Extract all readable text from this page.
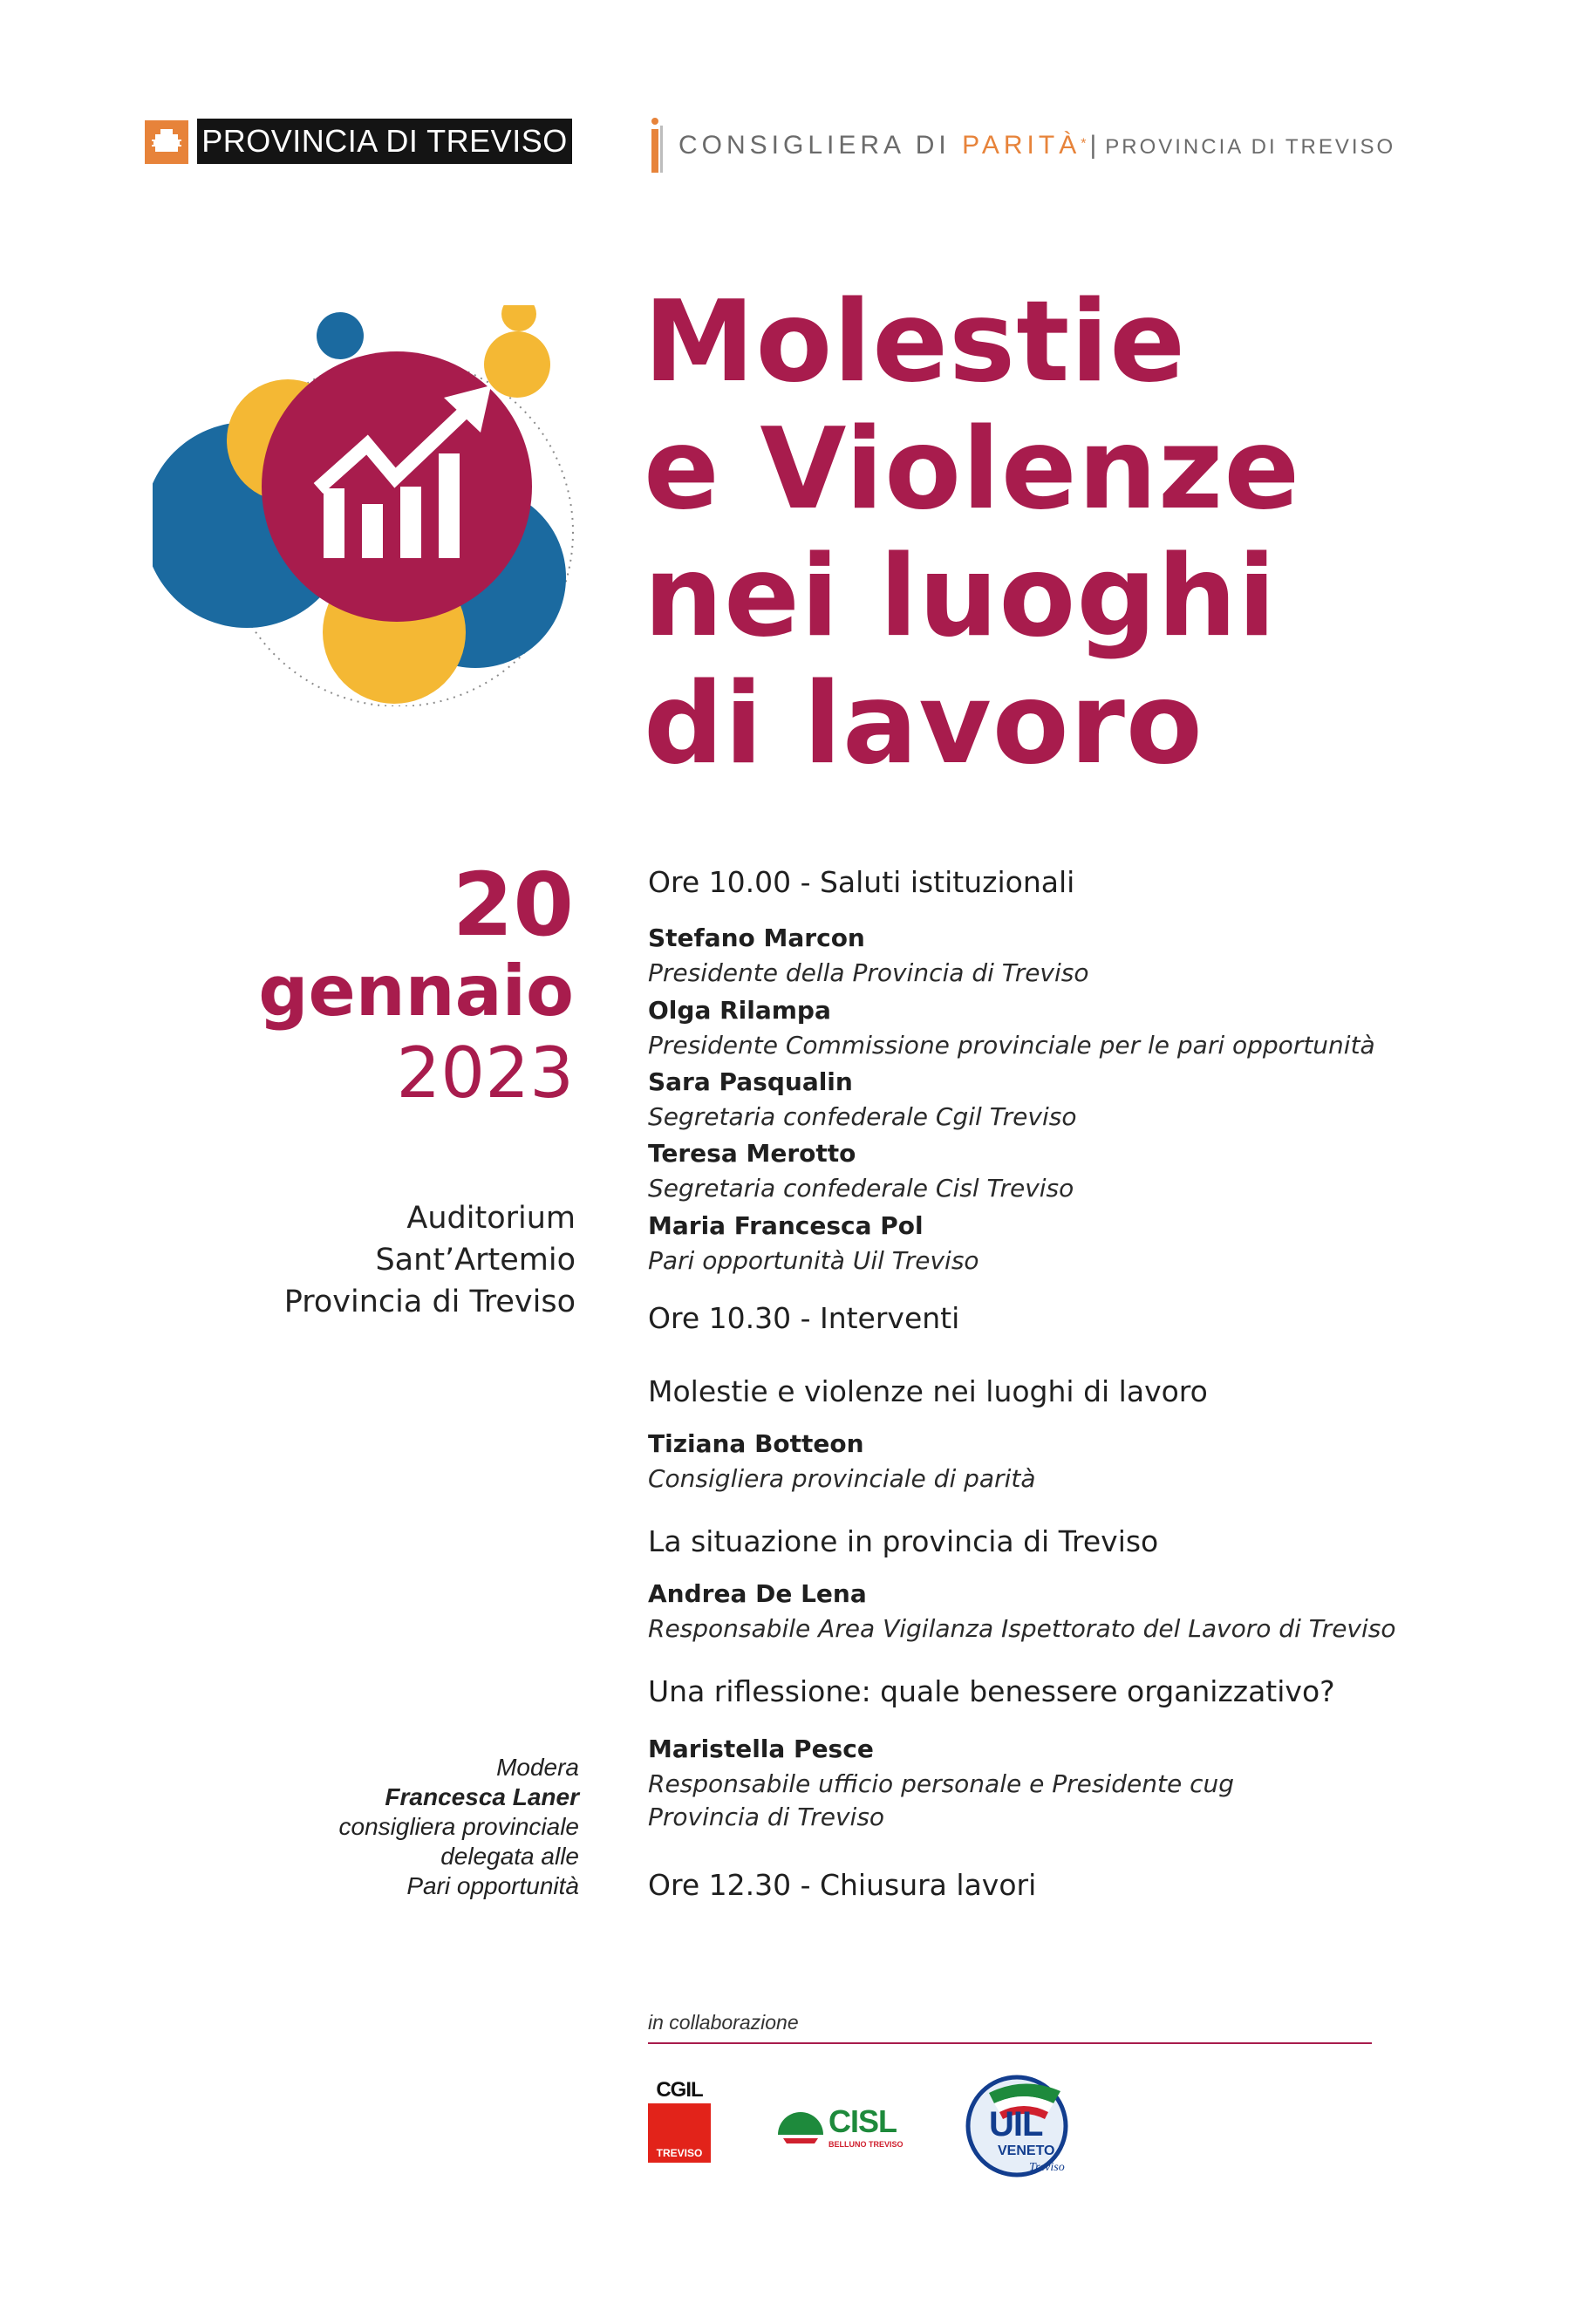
PROVINCIA DI TREVISO	CONSIGLIERA DI PARITÀ* | PROVINCIA DI TREVISO
Molestie
e Violenze
nei luoghi
di lavoro
20
gennaio
2023
Auditorium
Sant’Artemio
Provincia di Treviso
Modera
Francesca Laner
consigliera provinciale
delegata alle
Pari opportunità
Ore 10.00 - Saluti istituzionali
Stefano Marcon
Presidente della Provincia di Treviso
Olga Rilampa
Presidente Commissione provinciale per le pari opportunità
Sara Pasqualin
Segretaria confederale Cgil Treviso
Teresa Merotto
Segretaria confederale Cisl Treviso
Maria Francesca Pol
Pari opportunità Uil Treviso
Ore 10.30 - Interventi
Molestie e violenze nei luoghi di lavoro
Tiziana Botteon
Consigliera provinciale di parità
La situazione in provincia di Treviso
Andrea De Lena
Responsabile Area Vigilanza Ispettorato del Lavoro di Treviso
Una riflessione: quale benessere organizzativo?
Maristella Pesce
Responsabile ufficio personale e Presidente cug
Provincia di Treviso
Ore 12.30 - Chiusura lavori
in collaborazione
CGIL
TREVISO
CISL
BELLUNO TREVISO
UIL
VENETO
Treviso
